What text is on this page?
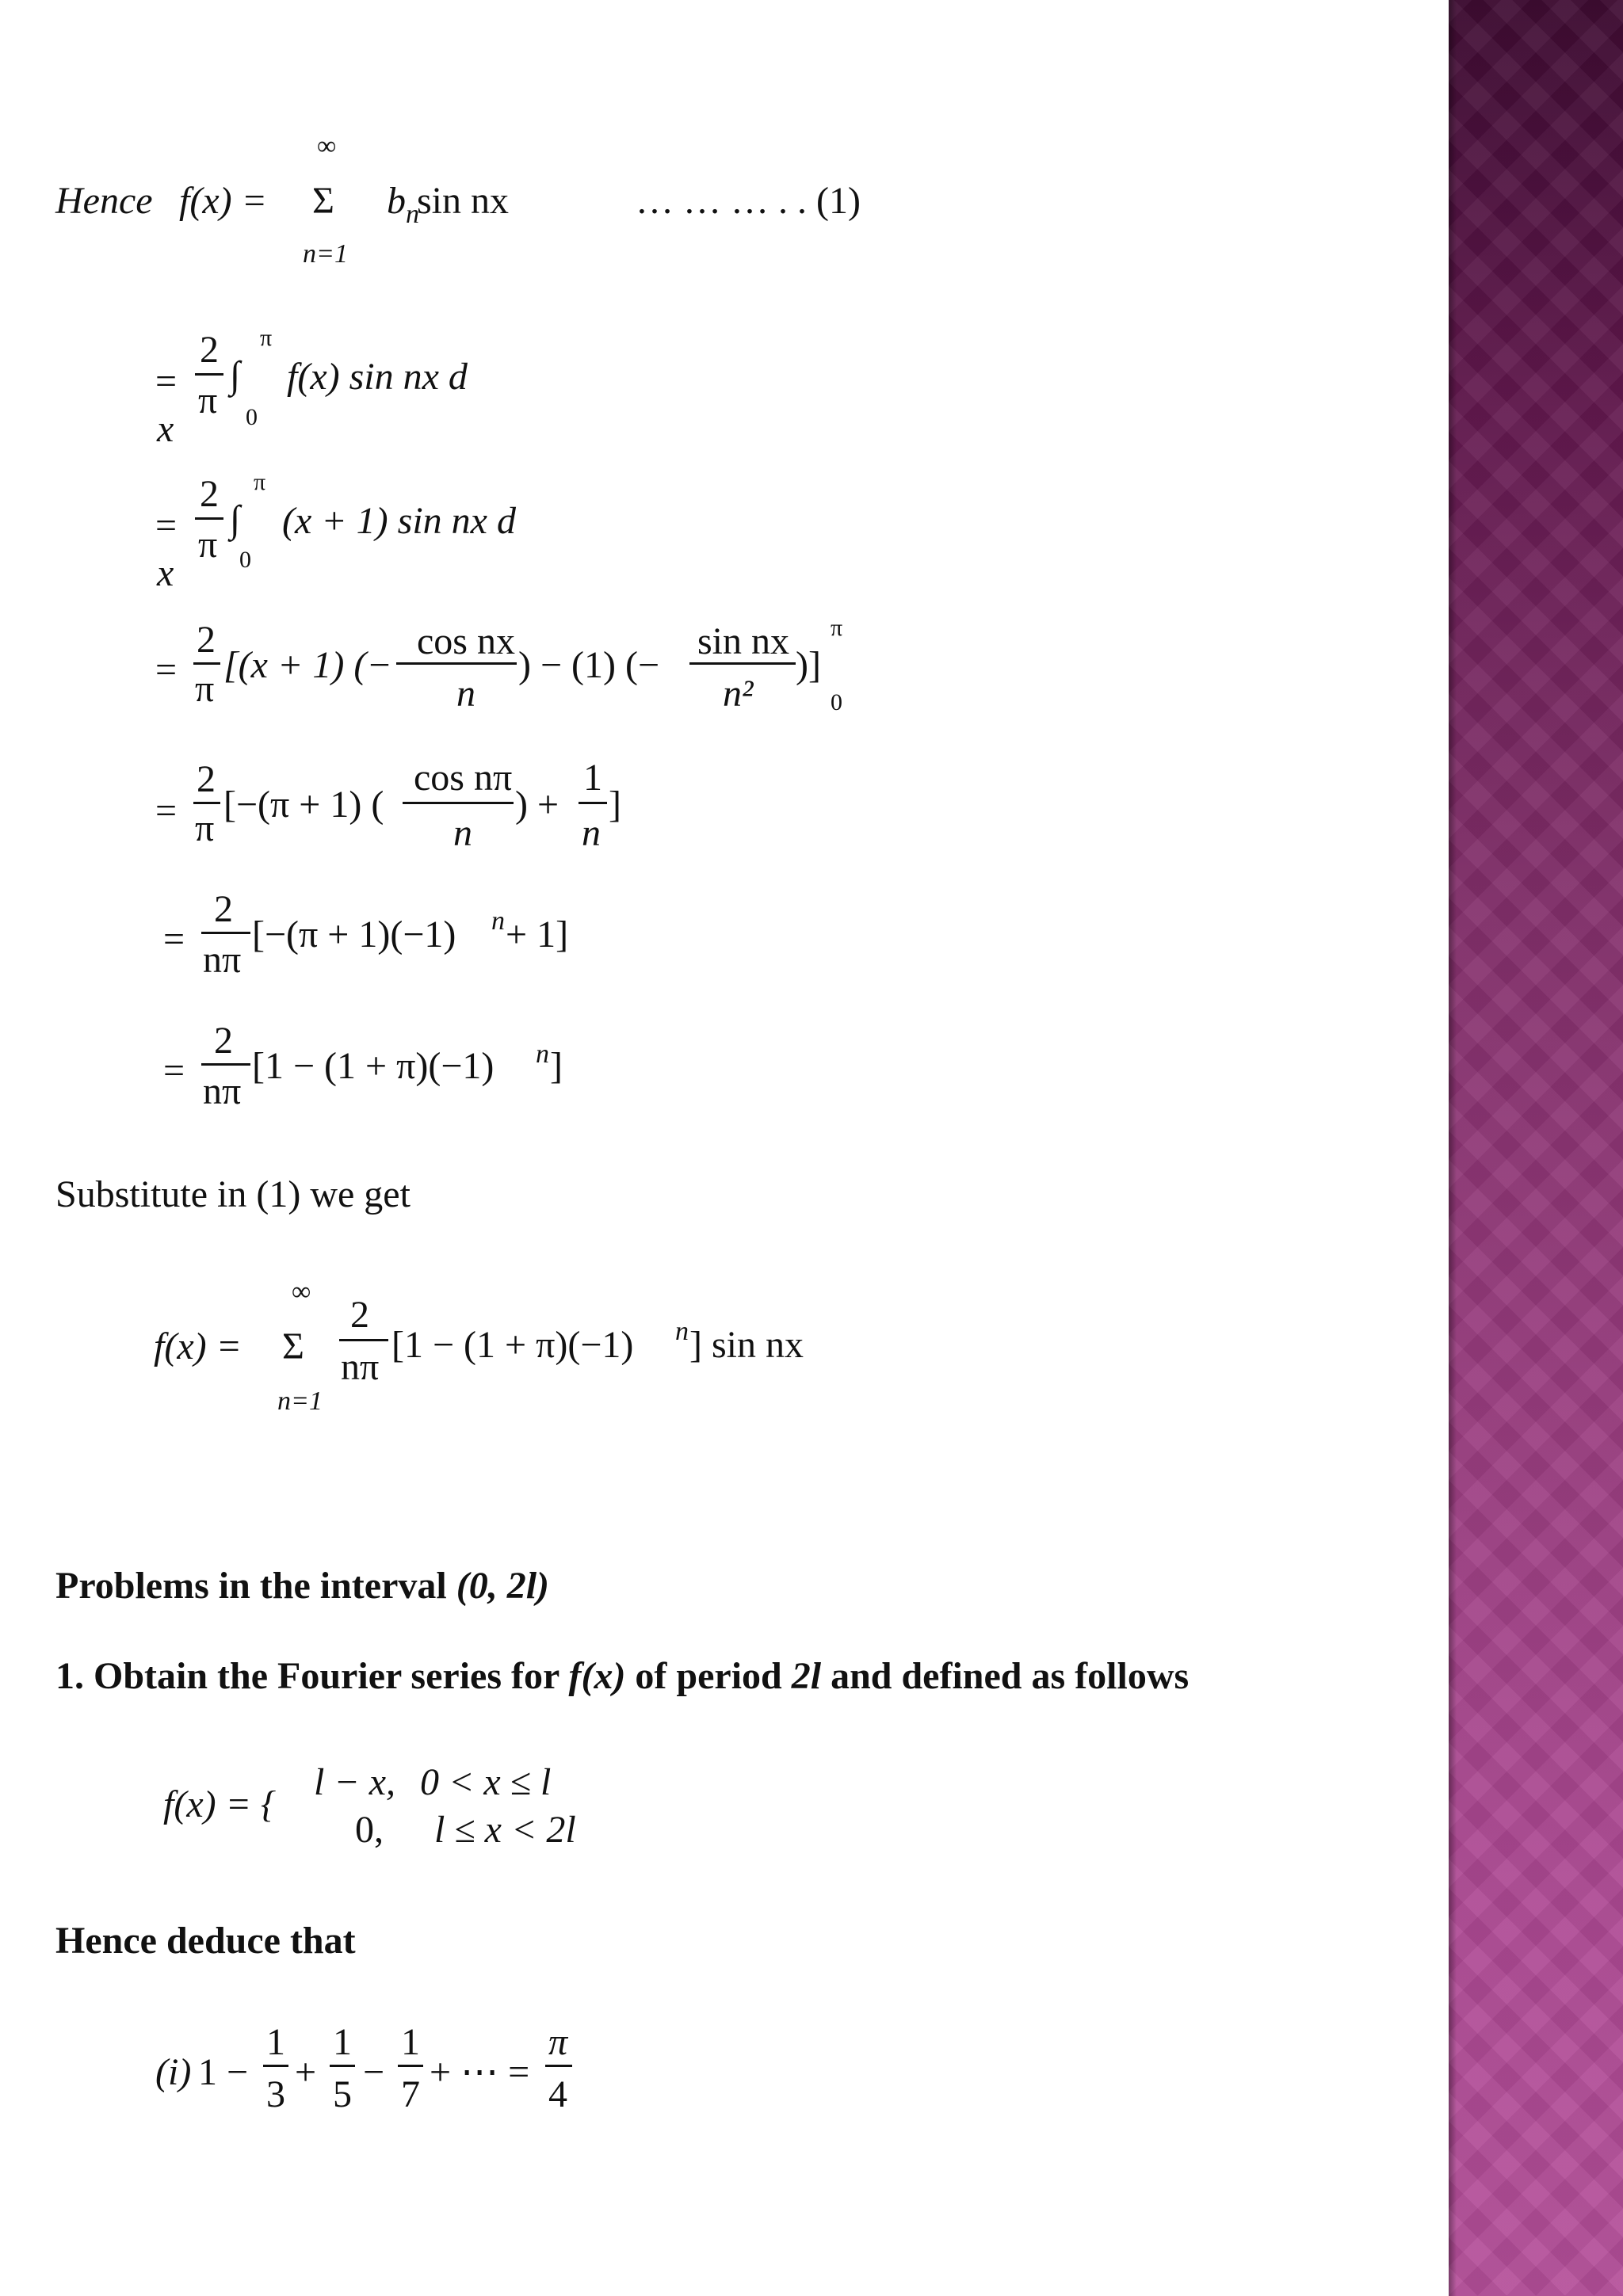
Hence f(x) =
∞
Σ
n=1
b n
sin nx	… … … . . (1)
=
2
π
∫
π
0
f(x) sin nx d
x
=
2
π
∫
π
0
(x + 1) sin nx d
x
=
2
π
[(x + 1) (−
cos nx
n
) − (1) (−
sin nx
n²
)]
π
0
=
2
π
[−(π + 1) (
cos nπ
n
) +
1
n
]
=
2
nπ
[−(π + 1)(−1) n + 1]
=
2
nπ
[1 − (1 + π)(−1) n ]
Substitute in (1) we get
f(x) =
∞
Σ
n=1
2
nπ
[1 − (1 + π)(−1) n ] sin nx
Problems in the interval (0, 2l)
1. Obtain the Fourier series for f(x) of period 2l and defined as follows
f(x) = {
l − x, 0 < x ≤ l
0, l ≤ x < 2l
Hence deduce that
(i) 1 −
1
3
+
1
5
−
1
7
+ ⋯ =
π
4
